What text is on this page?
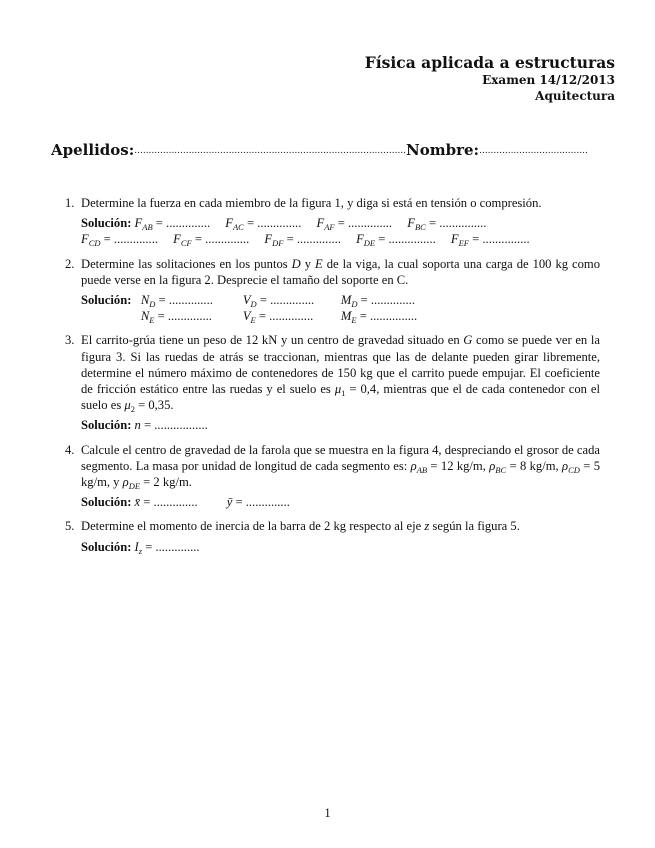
Física aplicada a estructuras
Examen 14/12/2013
Aquitectura
Apellidos:...............................................................................................Nombre:......................................
1. Determine la fuerza en cada miembro de la figura 1, y diga si está en tensión o compresión.

Solución: $F_{AB}$ = .............. $F_{AC}$ = .............. $F_{AF}$ = .............. $F_{BC}$ = ...............
$F_{CD}$ = .............. $F_{CF}$ = .............. $F_{DF}$ = .............. $F_{DE}$ = ............... $F_{EF}$ = ...............
2. Determine las solitaciones en los puntos D y E de la viga, la cual soporta una carga de 100 kg como puede verse en la figura 2. Desprecie el tamaño del soporte en C.

Solución: $N_D$ = ..............	$V_D$ = ..............	$M_D$ = ..............
$N_E$ = ..............	$V_E$ = ..............	$M_E$ = ...............
3. El carrito-grúa tiene un peso de 12 kN y un centro de gravedad situado en G como se puede ver en la figura 3. Si las ruedas de atrás se traccionan, mientras que las de delante pueden girar libremente, determine el número máximo de contenedores de 150 kg que el carrito puede empujar. El coeficiente de fricción estático entre las ruedas y el suelo es $\mu_1 = 0,4$, mientras que el de cada contenedor con el suelo es $\mu_2 = 0,35$.

Solución: n = .................
4. Calcule el centro de gravedad de la farola que se muestra en la figura 4, despreciando el grosor de cada segmento. La masa por unidad de longitud de cada segmento es: $\rho_{AB} = 12$ kg/m, $\rho_{BC} = 8$ kg/m, $\rho_{CD} = 5$ kg/m, y $\rho_{DE} = 2$ kg/m.

Solución: x̄ = .............. ȳ = ..............
5. Determine el momento de inercia de la barra de 2 kg respecto al eje z según la figura 5.

Solución: $I_z$ = ..............
1
